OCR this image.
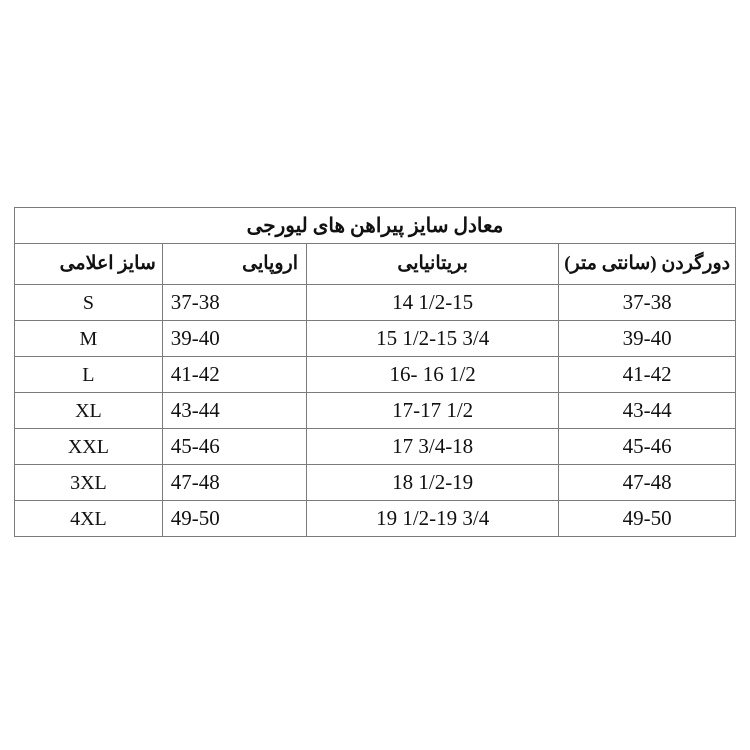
معادل سایز پیراهن های لیورجی			
سایز اعلامی	اروپایی	بریتانیایی	دورگردن (سانتی متر)
S	37-38	14 1/2-15	37-38
M	39-40	15 1/2-15 3/4	39-40
L	41-42	16- 16 1/2	41-42
XL	43-44	17-17 1/2	43-44
XXL	45-46	17 3/4-18	45-46
3XL	47-48	18 1/2-19	47-48
4XL	49-50	19 1/2-19 3/4	49-50
